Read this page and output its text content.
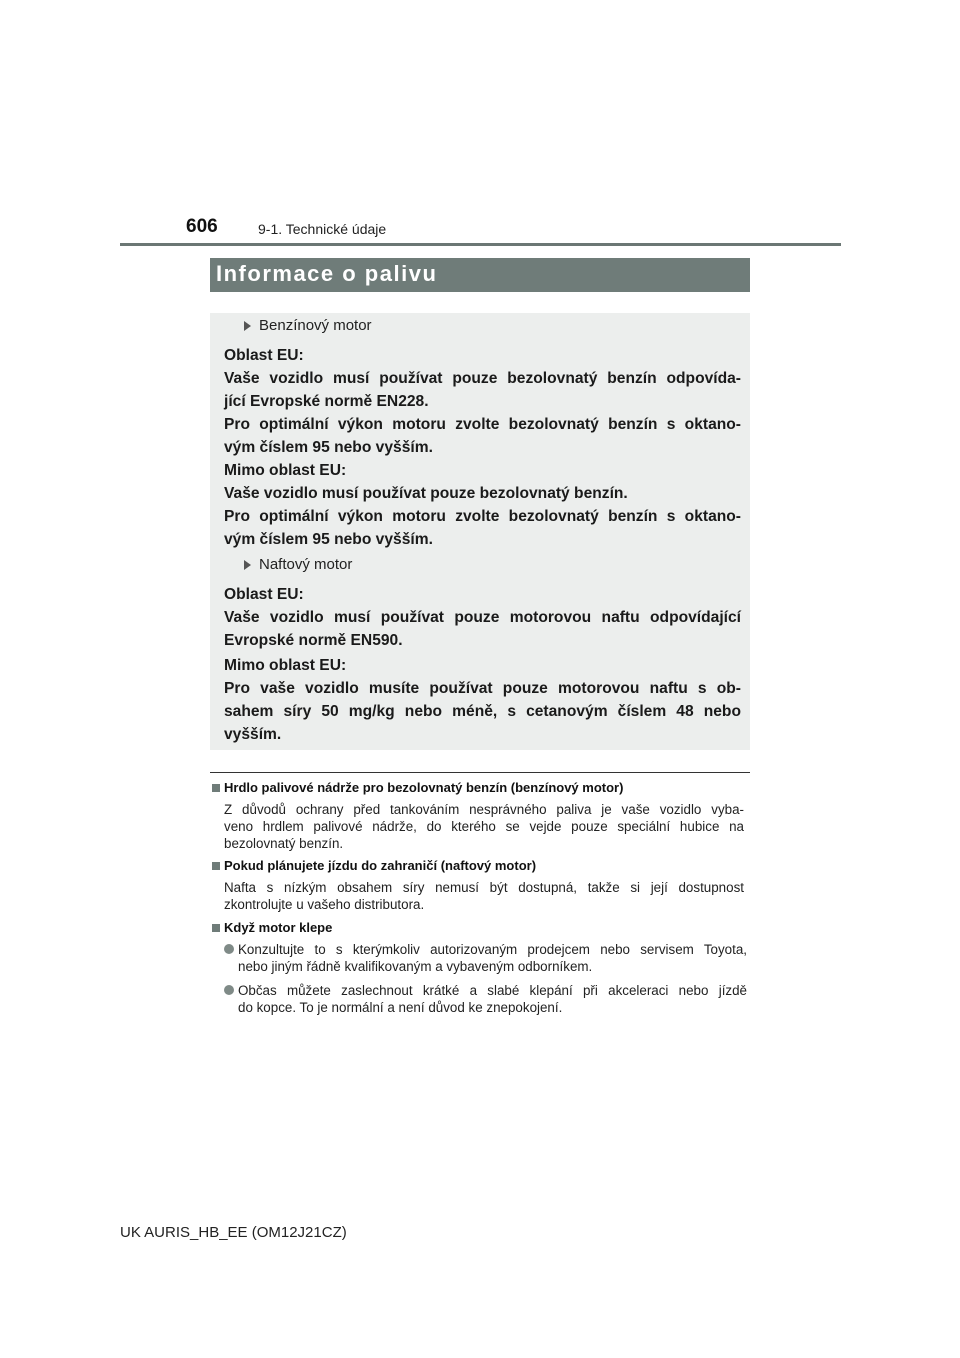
606	9-1. Technické údaje
Informace o palivu
Benzínový motor
Oblast EU:
Vaše vozidlo musí používat pouze bezolovnatý benzín odpovída-
jící Evropské normě EN228.
Pro optimální výkon motoru zvolte bezolovnatý benzín s oktano-
vým číslem 95 nebo vyšším.
Mimo oblast EU:
Vaše vozidlo musí používat pouze bezolovnatý benzín.
Pro optimální výkon motoru zvolte bezolovnatý benzín s oktano-
vým číslem 95 nebo vyšším.
Naftový motor
Oblast EU:
Vaše vozidlo musí používat pouze motorovou naftu odpovídající
Evropské normě EN590.
Mimo oblast EU:
Pro vaše vozidlo musíte používat pouze motorovou naftu s ob-
sahem síry 50 mg/kg nebo méně, s cetanovým číslem 48 nebo
vyšším.
Hrdlo palivové nádrže pro bezolovnatý benzín (benzínový motor)
Z důvodů ochrany před tankováním nesprávného paliva je vaše vozidlo vyba-
veno hrdlem palivové nádrže, do kterého se vejde pouze speciální hubice na
bezolovnatý benzín.
Pokud plánujete jízdu do zahraničí (naftový motor)
Nafta s nízkým obsahem síry nemusí být dostupná, takže si její dostupnost
zkontrolujte u vašeho distributora.
Když motor klepe
Konzultujte to s kterýmkoliv autorizovaným prodejcem nebo servisem Toyota,
nebo jiným řádně kvalifikovaným a vybaveným odborníkem.
Občas můžete zaslechnout krátké a slabé klepání při akceleraci nebo jízdě
do kopce. To je normální a není důvod ke znepokojení.
UK AURIS_HB_EE (OM12J21CZ)
